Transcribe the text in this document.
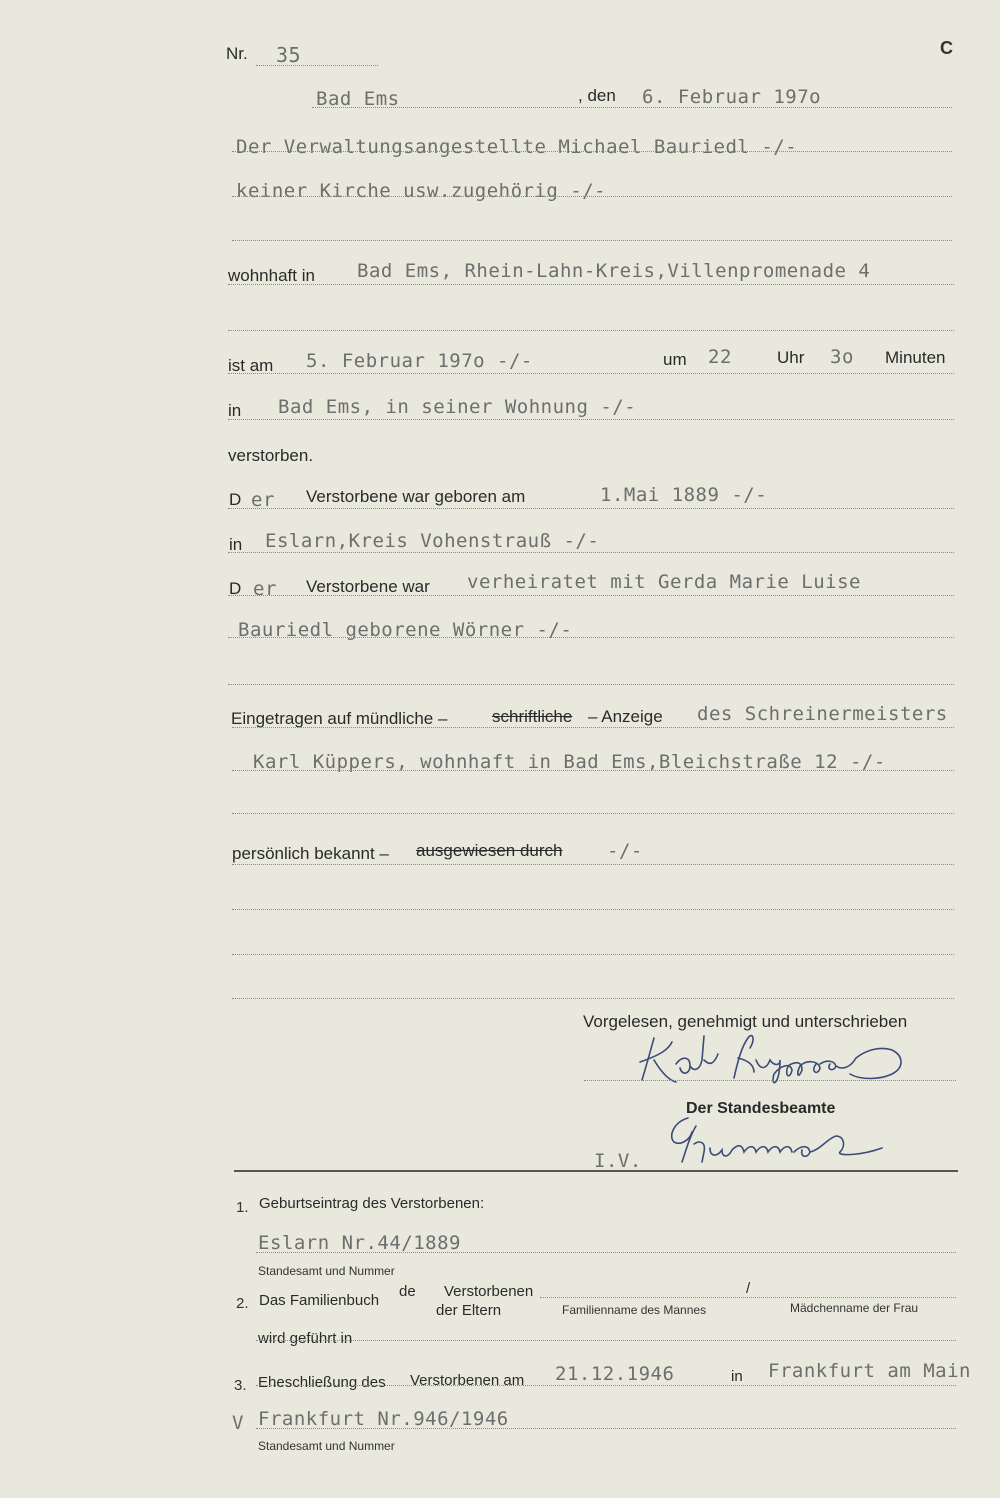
Nr. 35	C
Bad Ems	, den 6. Februar 197o
Der Verwaltungsangestellte Michael Bauriedl -/-
keiner Kirche usw.zugehörig -/-
wohnhaft in Bad Ems, Rhein-Lahn-Kreis,Villenpromenade 4
ist am 5. Februar 197o -/-	um 22	Uhr 3o Minuten
in Bad Ems, in seiner Wohnung -/-
verstorben.
D er Verstorbene war geboren am	1.Mai 1889 -/-
in Eslarn,Kreis Vohenstrauß -/-
D er Verstorbene war verheiratet mit Gerda Marie Luise
Bauriedl geborene Wörner -/-
Eingetragen auf mündliche –	schriftliche – Anzeige des Schreinermeisters
Karl Küppers, wohnhaft in Bad Ems,Bleichstraße 12 -/-
persönlich bekannt – ausgewiesen durch -/-
Vorgelesen, genehmigt und unterschrieben
Der Standesbeamte
I.V.
1. Geburtseintrag des Verstorbenen:
Eslarn Nr.44/1889
Standesamt und Nummer
2. Das Familienbuch
de Verstorbenen
der Eltern
/
Familienname des Mannes	Mädchenname der Frau
wird geführt in
3. Eheschließung des Verstorbenen am 21.12.1946	in Frankfurt am Main
V Frankfurt Nr.946/1946
Standesamt und Nummer
